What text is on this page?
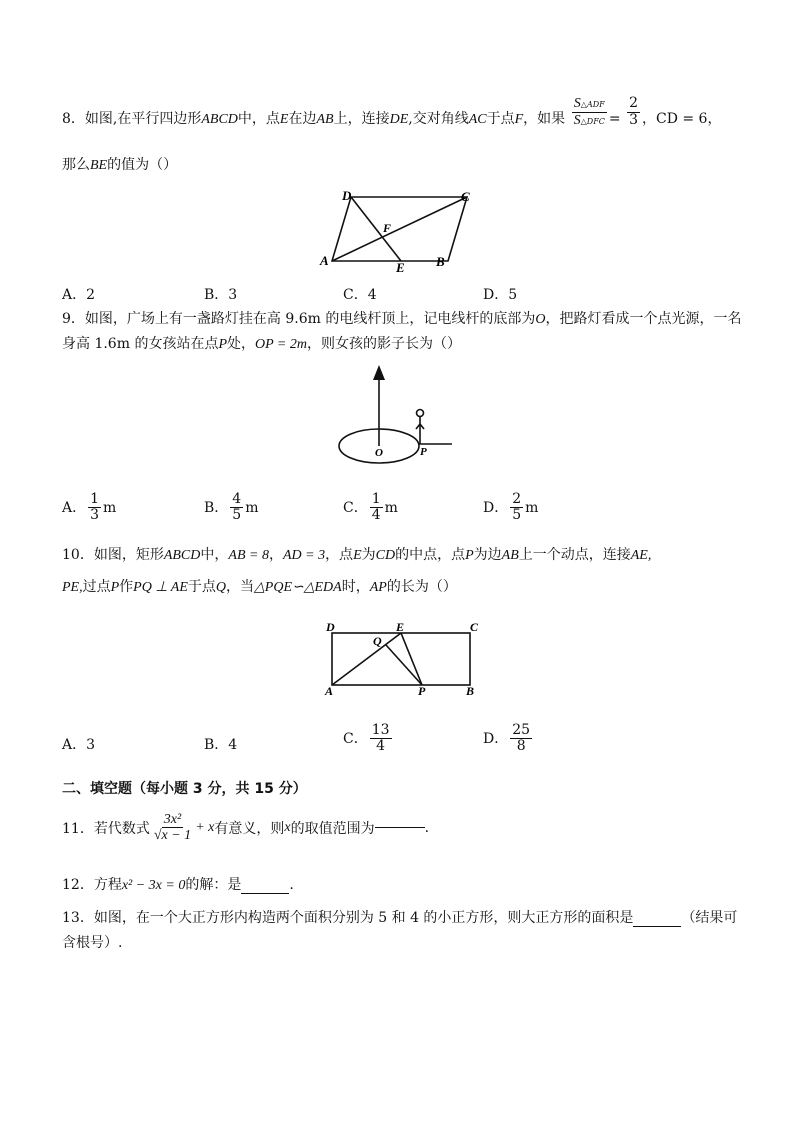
8．如图,在平行四边形ABCD中，点E在边AB上，连接DE,交对角线AC于点F，如果 $\frac{\text{S△ADF}}{\text{S△DFC}} = \frac{2}{3}$ ，CD = 6，
那么BE的值为（）
D	C
F
A	E B
A．2	B．3	C．4	D．5
9．如图，广场上有一盏路灯挂在高 9.6m 的电线杆顶上，记电线杆的底部为O，把路灯看成一个点光源，一名
身高 1.6m 的女孩站在点P处，OP = 2m，则女孩的影子长为（）
O	P
A． $\frac{1}{3}$ m	B． $\frac{4}{5}$ m	C． $\frac{1}{4}$ m	D． $\frac{2}{5}$ m
10．如图，矩形ABCD中，AB = 8，AD = 3，点E为CD的中点，点P为边AB上一个动点，连接AE,
PE,过点P作PQ ⊥ AE于点Q，当△PQE∽△EDA时，AP的长为（）
D
Q
E	C
A	P	B
A．3	B．4	C． $\frac{13}{4}$	D． $\frac{25}{8}$
二、填空题（每小题 3 分，共 15 分）
11．若代数式 $\frac{\text{3x²}}{√x - 1} + x$有意义，则x的取值范围为	.
12．方程x² − 3x = 0的解：是	.
13．如图，在一个大正方形内构造两个面积分别为 5 和 4 的小正方形，则大正方形的面积是	（结果可
含根号）.
